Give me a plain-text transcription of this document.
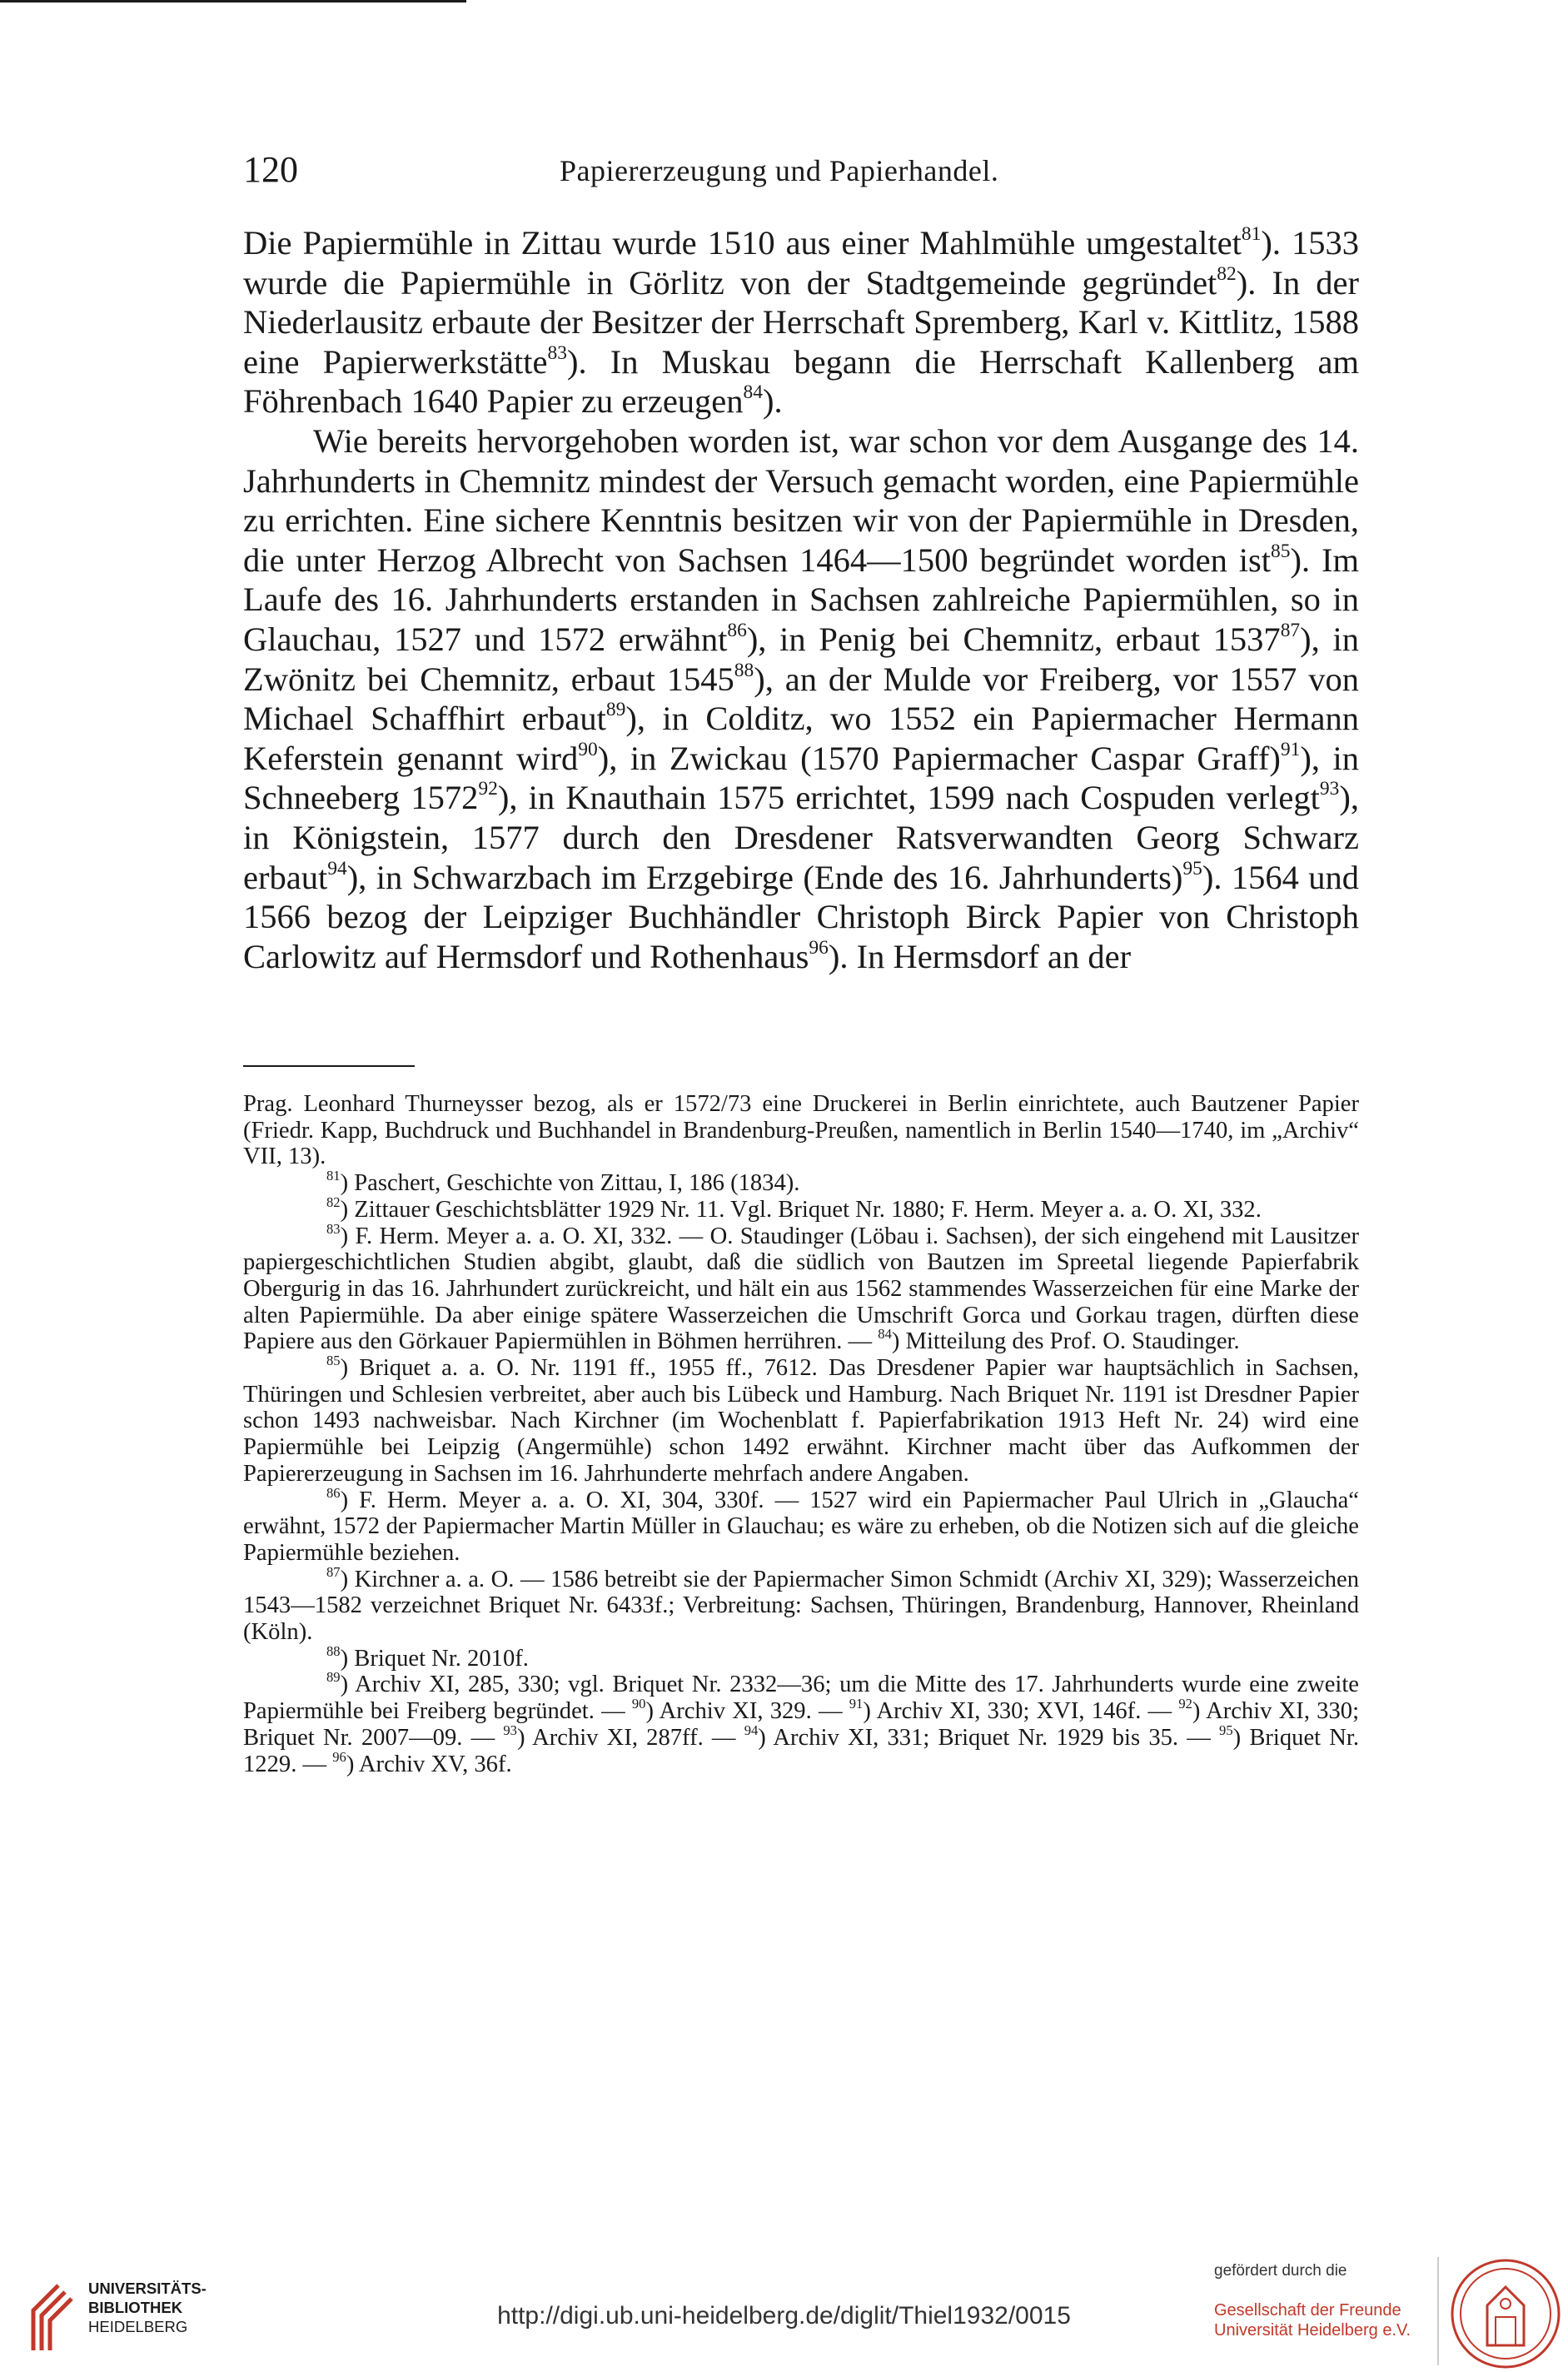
120	Papiererzeugung und Papierhandel.

Die Papiermühle in Zittau wurde 1510 aus einer Mahlmühle umgestaltet$^{81}$). 1533 wurde die Papiermühle in Görlitz von der Stadtgemeinde gegründet$^{82}$). In der Niederlausitz erbaute der Besitzer der Herrschaft Spremberg, Karl v. Kittlitz, 1588 eine Papierwerkstätte$^{83}$). In Muskau begann die Herrschaft Kallenberg am Föhrenbach 1640 Papier zu erzeugen$^{84}$).

Wie bereits hervorgehoben worden ist, war schon vor dem Ausgange des 14. Jahrhunderts in Chemnitz mindest der Versuch gemacht worden, eine Papiermühle zu errichten. Eine sichere Kenntnis besitzen wir von der Papiermühle in Dresden, die unter Herzog Albrecht von Sachsen 1464—1500 begründet worden ist$^{85}$). Im Laufe des 16. Jahrhunderts erstanden in Sachsen zahlreiche Papiermühlen, so in Glauchau, 1527 und 1572 erwähnt$^{86}$), in Penig bei Chemnitz, erbaut 1537$^{87}$), in Zwönitz bei Chemnitz, erbaut 1545$^{88}$), an der Mulde vor Freiberg, vor 1557 von Michael Schaffhirt erbaut$^{89}$), in Colditz, wo 1552 ein Papiermacher Hermann Keferstein genannt wird$^{90}$), in Zwickau (1570 Papiermacher Caspar Graff)$^{91}$), in Schneeberg 1572$^{92}$), in Knauthain 1575 errichtet, 1599 nach Cospuden verlegt$^{93}$), in Königstein, 1577 durch den Dresdener Ratsverwandten Georg Schwarz erbaut$^{94}$), in Schwarzbach im Erzgebirge (Ende des 16. Jahrhunderts)$^{95}$). 1564 und 1566 bezog der Leipziger Buchhändler Christoph Birck Papier von Christoph Carlowitz auf Hermsdorf und Rothenhaus$^{96}$). In Hermsdorf an der

Prag. Leonhard Thurneysser bezog, als er 1572/73 eine Druckerei in Berlin einrichtete, auch Bautzener Papier (Friedr. Kapp, Buchdruck und Buchhandel in Brandenburg-Preußen, namentlich in Berlin 1540—1740, im „Archiv“ VII, 13).

$^{81}$) Paschert, Geschichte von Zittau, I, 186 (1834).

$^{82}$) Zittauer Geschichtsblätter 1929 Nr. 11. Vgl. Briquet Nr. 1880; F. Herm. Meyer a. a. O. XI, 332.

$^{83}$) F. Herm. Meyer a. a. O. XI, 332. — O. Staudinger (Löbau i. Sachsen), der sich eingehend mit Lausitzer papiergeschichtlichen Studien abgibt, glaubt, daß die südlich von Bautzen im Spreetal liegende Papierfabrik Obergurig in das 16. Jahrhundert zurückreicht, und hält ein aus 1562 stammendes Wasserzeichen für eine Marke der alten Papiermühle. Da aber einige spätere Wasserzeichen die Umschrift Gorca und Gorkau tragen, dürften diese Papiere aus den Görkauer Papiermühlen in Böhmen herrühren. — $^{84}$) Mitteilung des Prof. O. Staudinger.

$^{85}$) Briquet a. a. O. Nr. 1191 ff., 1955 ff., 7612. Das Dresdener Papier war hauptsächlich in Sachsen, Thüringen und Schlesien verbreitet, aber auch bis Lübeck und Hamburg. Nach Briquet Nr. 1191 ist Dresdner Papier schon 1493 nachweisbar. Nach Kirchner (im Wochenblatt f. Papierfabrikation 1913 Heft Nr. 24) wird eine Papiermühle bei Leipzig (Angermühle) schon 1492 erwähnt. Kirchner macht über das Aufkommen der Papiererzeugung in Sachsen im 16. Jahrhunderte mehrfach andere Angaben.

$^{86}$) F. Herm. Meyer a. a. O. XI, 304, 330f. — 1527 wird ein Papiermacher Paul Ulrich in „Glaucha“ erwähnt, 1572 der Papiermacher Martin Müller in Glauchau; es wäre zu erheben, ob die Notizen sich auf die gleiche Papiermühle beziehen.

$^{87}$) Kirchner a. a. O. — 1586 betreibt sie der Papiermacher Simon Schmidt (Archiv XI, 329); Wasserzeichen 1543—1582 verzeichnet Briquet Nr. 6433f.; Verbreitung: Sachsen, Thüringen, Brandenburg, Hannover, Rheinland (Köln).

$^{88}$) Briquet Nr. 2010f.

$^{89}$) Archiv XI, 285, 330; vgl. Briquet Nr. 2332—36; um die Mitte des 17. Jahrhunderts wurde eine zweite Papiermühle bei Freiberg begründet. — $^{90}$) Archiv XI, 329. — $^{91}$) Archiv XI, 330; XVI, 146f. — $^{92}$) Archiv XI, 330; Briquet Nr. 2007—09. — $^{93}$) Archiv XI, 287ff. — $^{94}$) Archiv XI, 331; Briquet Nr. 1929 bis 35. — $^{95}$) Briquet Nr. 1229. — $^{96}$) Archiv XV, 36f.

UNIVERSITÄTS-
BIBLIOTHEK
HEIDELBERG	http://digi.ub.uni-heidelberg.de/diglit/Thiel1932/0015
gefördert durch die
Gesellschaft der Freunde
Universität Heidelberg e.V.
